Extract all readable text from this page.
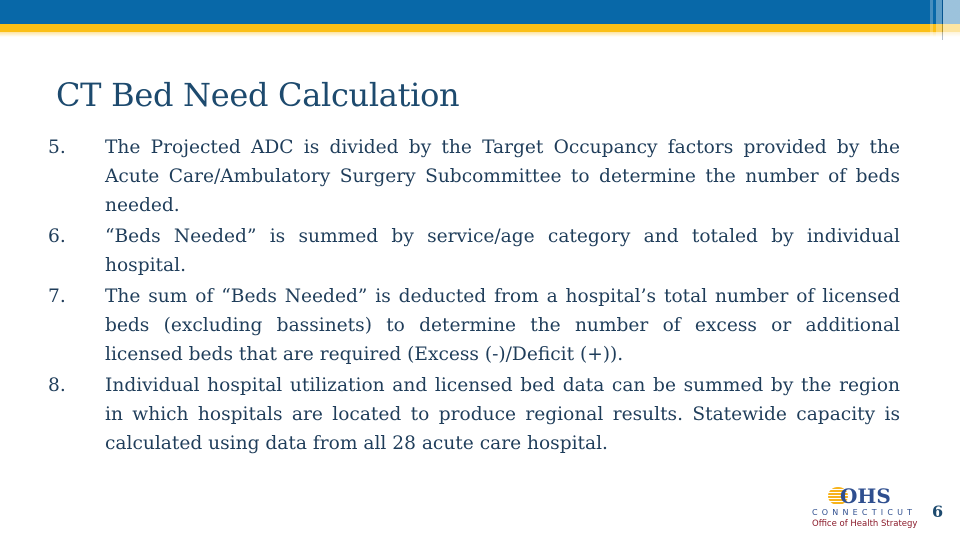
CT Bed Need Calculation
5. The Projected ADC is divided by the Target Occupancy factors provided by the Acute Care/Ambulatory Surgery Subcommittee to determine the number of beds needed.
6. “Beds Needed” is summed by service/age category and totaled by individual hospital.
7. The sum of “Beds Needed” is deducted from a hospital’s total number of licensed beds (excluding bassinets) to determine the number of excess or additional licensed beds that are required (Excess (-)/Deficit (+)).
8. Individual hospital utilization and licensed bed data can be summed by the region in which hospitals are located to produce regional results. Statewide capacity is calculated using data from all 28 acute care hospital.
OHS
CONNECTICUT
Office of Health Strategy
6
